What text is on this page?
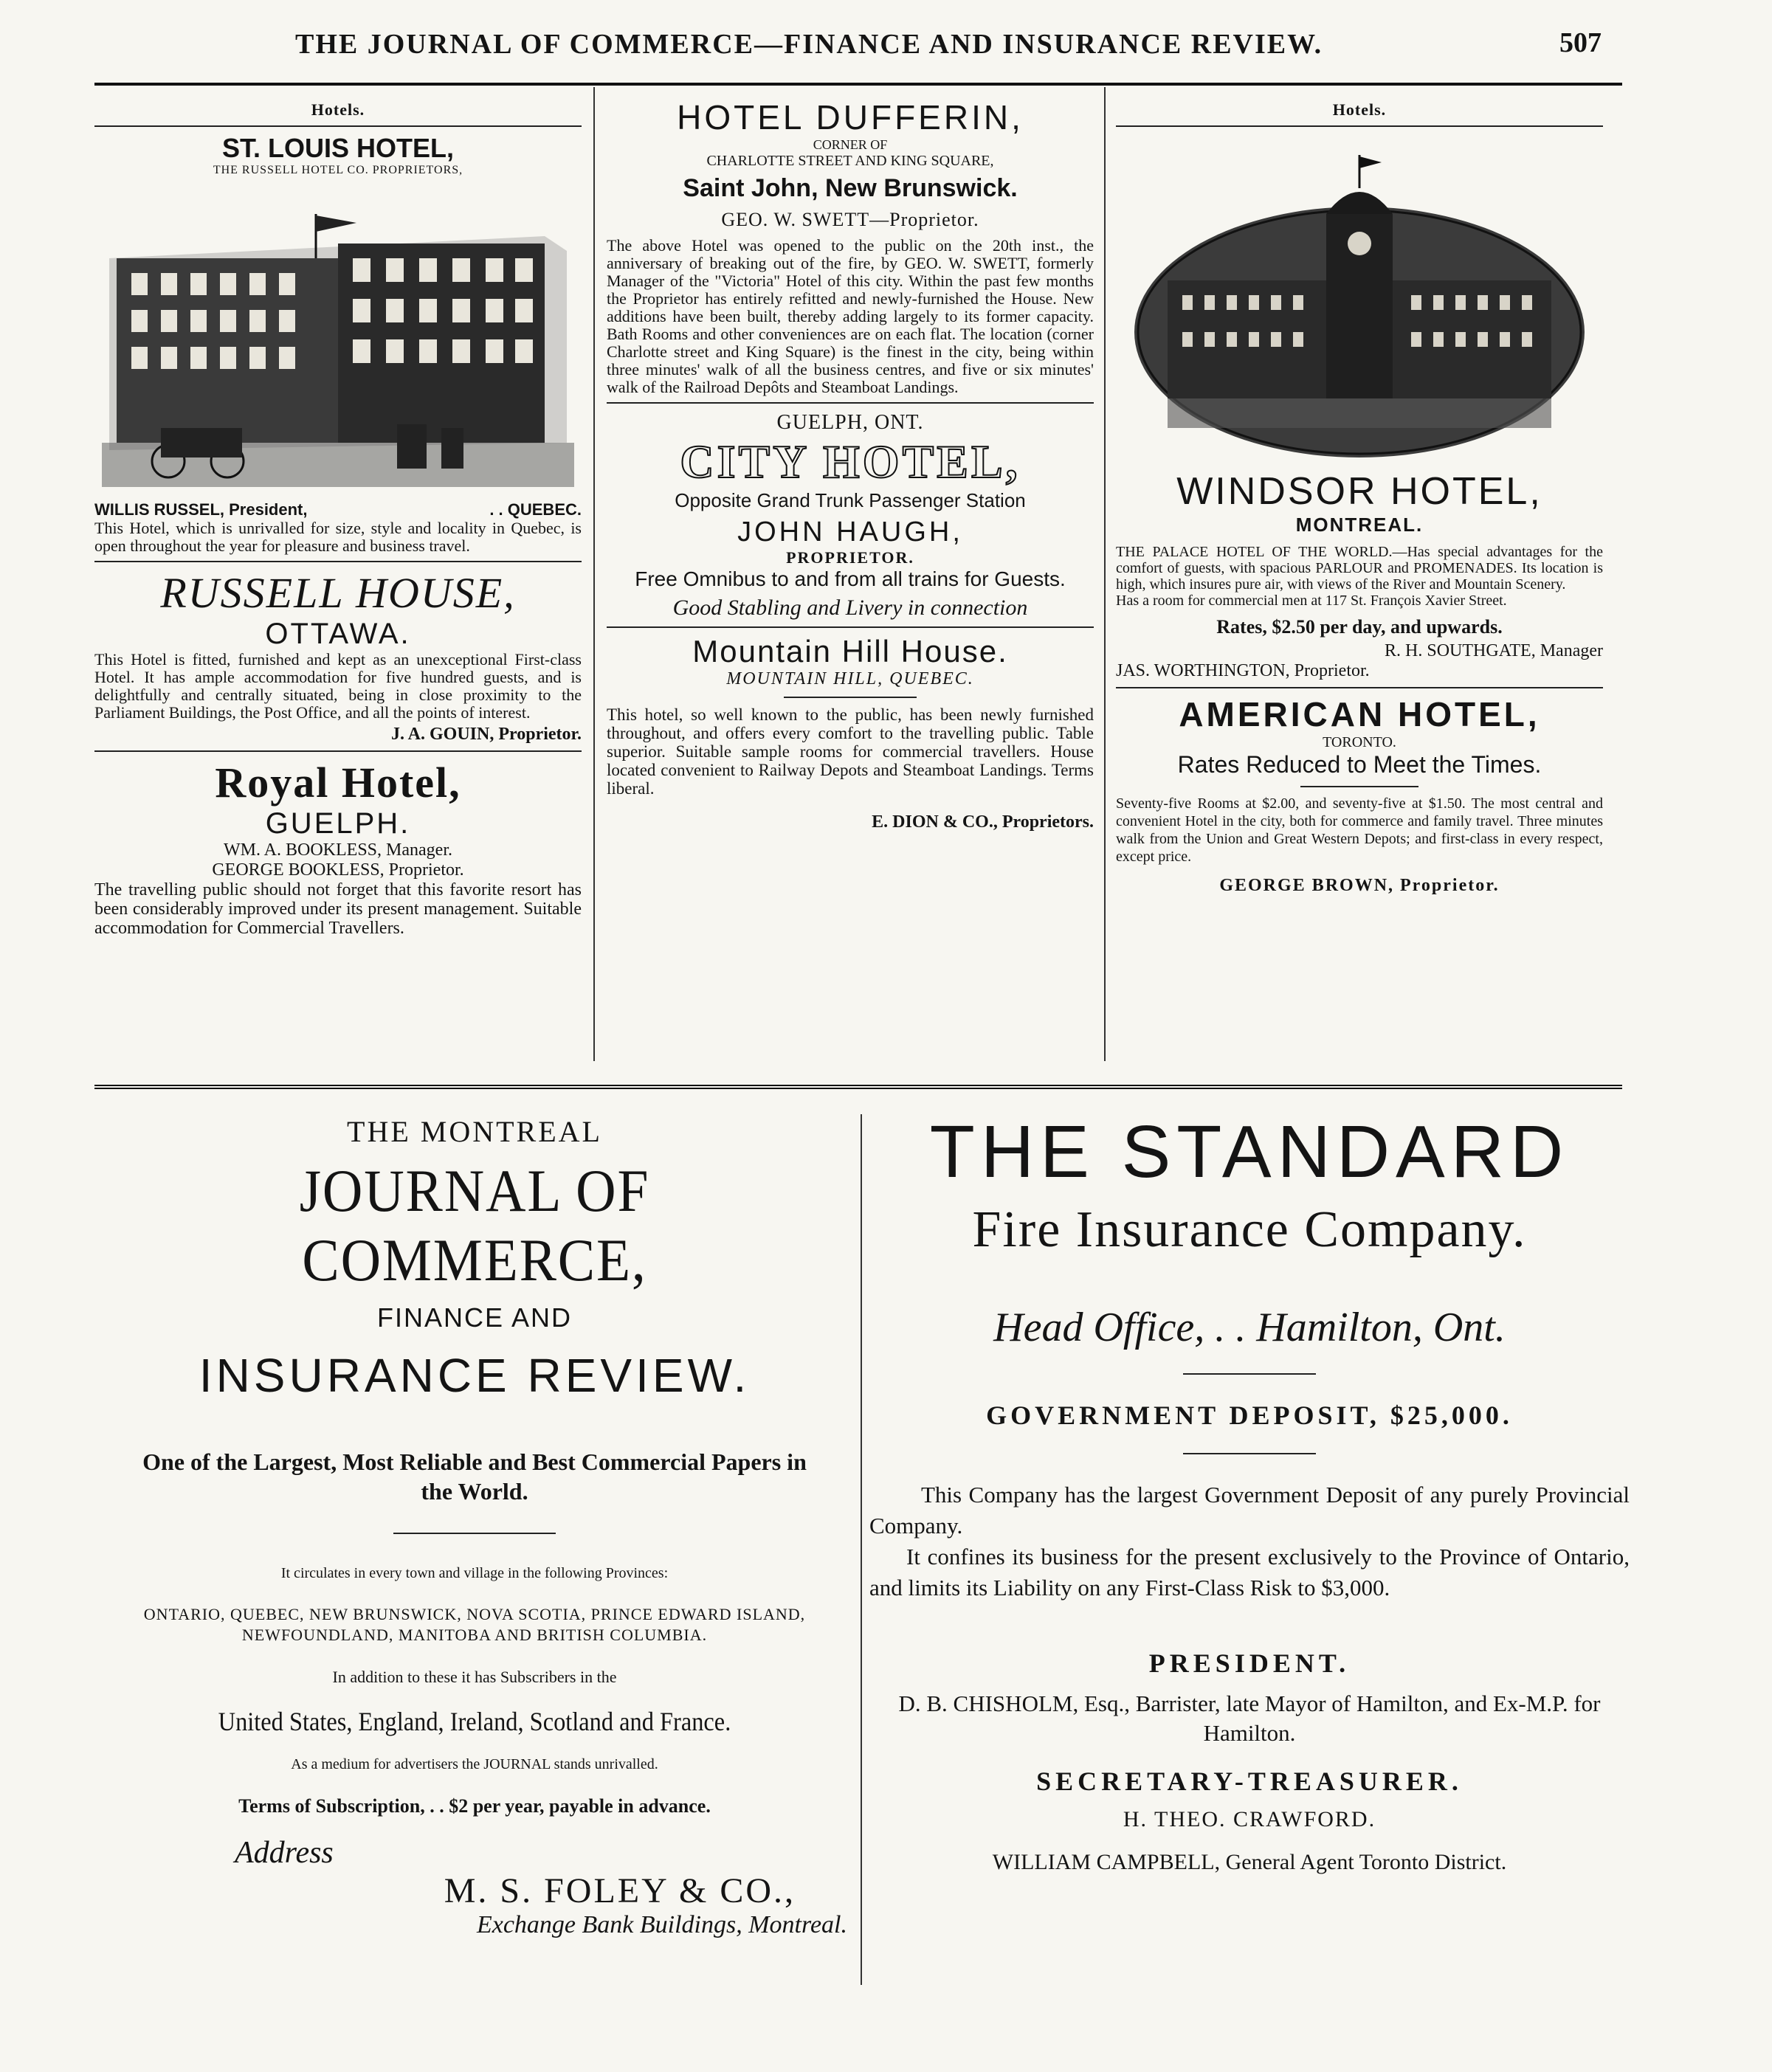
THE JOURNAL OF COMMERCE—FINANCE AND INSURANCE REVIEW.	507
Hotels.
ST. LOUIS HOTEL,
THE RUSSELL HOTEL CO. PROPRIETORS,
WILLIS RUSSEL, President,	. . QUEBEC.
This Hotel, which is unrivalled for size, style and locality in Quebec, is open throughout the year for pleasure and business travel.
RUSSELL HOUSE,
OTTAWA.
This Hotel is fitted, furnished and kept as an unexceptional First-class Hotel. It has ample accommodation for five hundred guests, and is delightfully and centrally situated, being in close proximity to the Parliament Buildings, the Post Office, and all the points of interest.
J. A. GOUIN, Proprietor.
Royal Hotel,
GUELPH.
WM. A. BOOKLESS, Manager.
GEORGE BOOKLESS, Proprietor.
The travelling public should not forget that this favorite resort has been considerably improved under its present management. Suitable accommodation for Commercial Travellers.
HOTEL DUFFERIN,
CORNER OF
CHARLOTTE STREET AND KING SQUARE,
Saint John, New Brunswick.
GEO. W. SWETT—Proprietor.
The above Hotel was opened to the public on the 20th inst., the anniversary of breaking out of the fire, by GEO. W. SWETT, formerly Manager of the "Victoria" Hotel of this city. Within the past few months the Proprietor has entirely refitted and newly-furnished the House. New additions have been built, thereby adding largely to its former capacity. Bath Rooms and other conveniences are on each flat. The location (corner Charlotte street and King Square) is the finest in the city, being within three minutes' walk of all the business centres, and five or six minutes' walk of the Railroad Depôts and Steamboat Landings.
GUELPH, ONT.
CITY HOTEL,
Opposite Grand Trunk Passenger Station
JOHN HAUGH,
PROPRIETOR.
Free Omnibus to and from all trains for Guests.
Good Stabling and Livery in connection
Mountain Hill House.
MOUNTAIN HILL, QUEBEC.
This hotel, so well known to the public, has been newly furnished throughout, and offers every comfort to the travelling public. Table superior. Suitable sample rooms for commercial travellers. House located convenient to Railway Depots and Steamboat Landings. Terms liberal.
E. DION & CO., Proprietors.
Hotels.
WINDSOR HOTEL,
MONTREAL.
THE PALACE HOTEL OF THE WORLD.—Has special advantages for the comfort of guests, with spacious PARLOUR and PROMENADES. Its location is high, which insures pure air, with views of the River and Mountain Scenery.
Has a room for commercial men at 117 St. François Xavier Street.
Rates, $2.50 per day, and upwards.
R. H. SOUTHGATE, Manager
JAS. WORTHINGTON, Proprietor.
AMERICAN HOTEL,
TORONTO.
Rates Reduced to Meet the Times.
Seventy-five Rooms at $2.00, and seventy-five at $1.50. The most central and convenient Hotel in the city, both for commerce and family travel. Three minutes walk from the Union and Great Western Depots; and first-class in every respect, except price.
GEORGE BROWN, Proprietor.
THE MONTREAL
JOURNAL OF COMMERCE,
FINANCE AND
INSURANCE REVIEW.
One of the Largest, Most Reliable and Best Commercial Papers in the World.
It circulates in every town and village in the following Provinces:
ONTARIO, QUEBEC, NEW BRUNSWICK, NOVA SCOTIA, PRINCE EDWARD ISLAND, NEWFOUNDLAND, MANITOBA AND BRITISH COLUMBIA.
In addition to these it has Subscribers in the
United States, England, Ireland, Scotland and France.
As a medium for advertisers the JOURNAL stands unrivalled.
Terms of Subscription, . . $2 per year, payable in advance.
Address
M. S. FOLEY & CO.,
Exchange Bank Buildings, Montreal.
THE STANDARD
Fire Insurance Company.
Head Office, . . Hamilton, Ont.
GOVERNMENT DEPOSIT, $25,000.
This Company has the largest Government Deposit of any purely Provincial Company.
It confines its business for the present exclusively to the Province of Ontario, and limits its Liability on any First-Class Risk to $3,000.
PRESIDENT.
D. B. CHISHOLM, Esq., Barrister, late Mayor of Hamilton, and Ex-M.P. for Hamilton.
SECRETARY-TREASURER.
H. THEO. CRAWFORD.
WILLIAM CAMPBELL, General Agent Toronto District.
